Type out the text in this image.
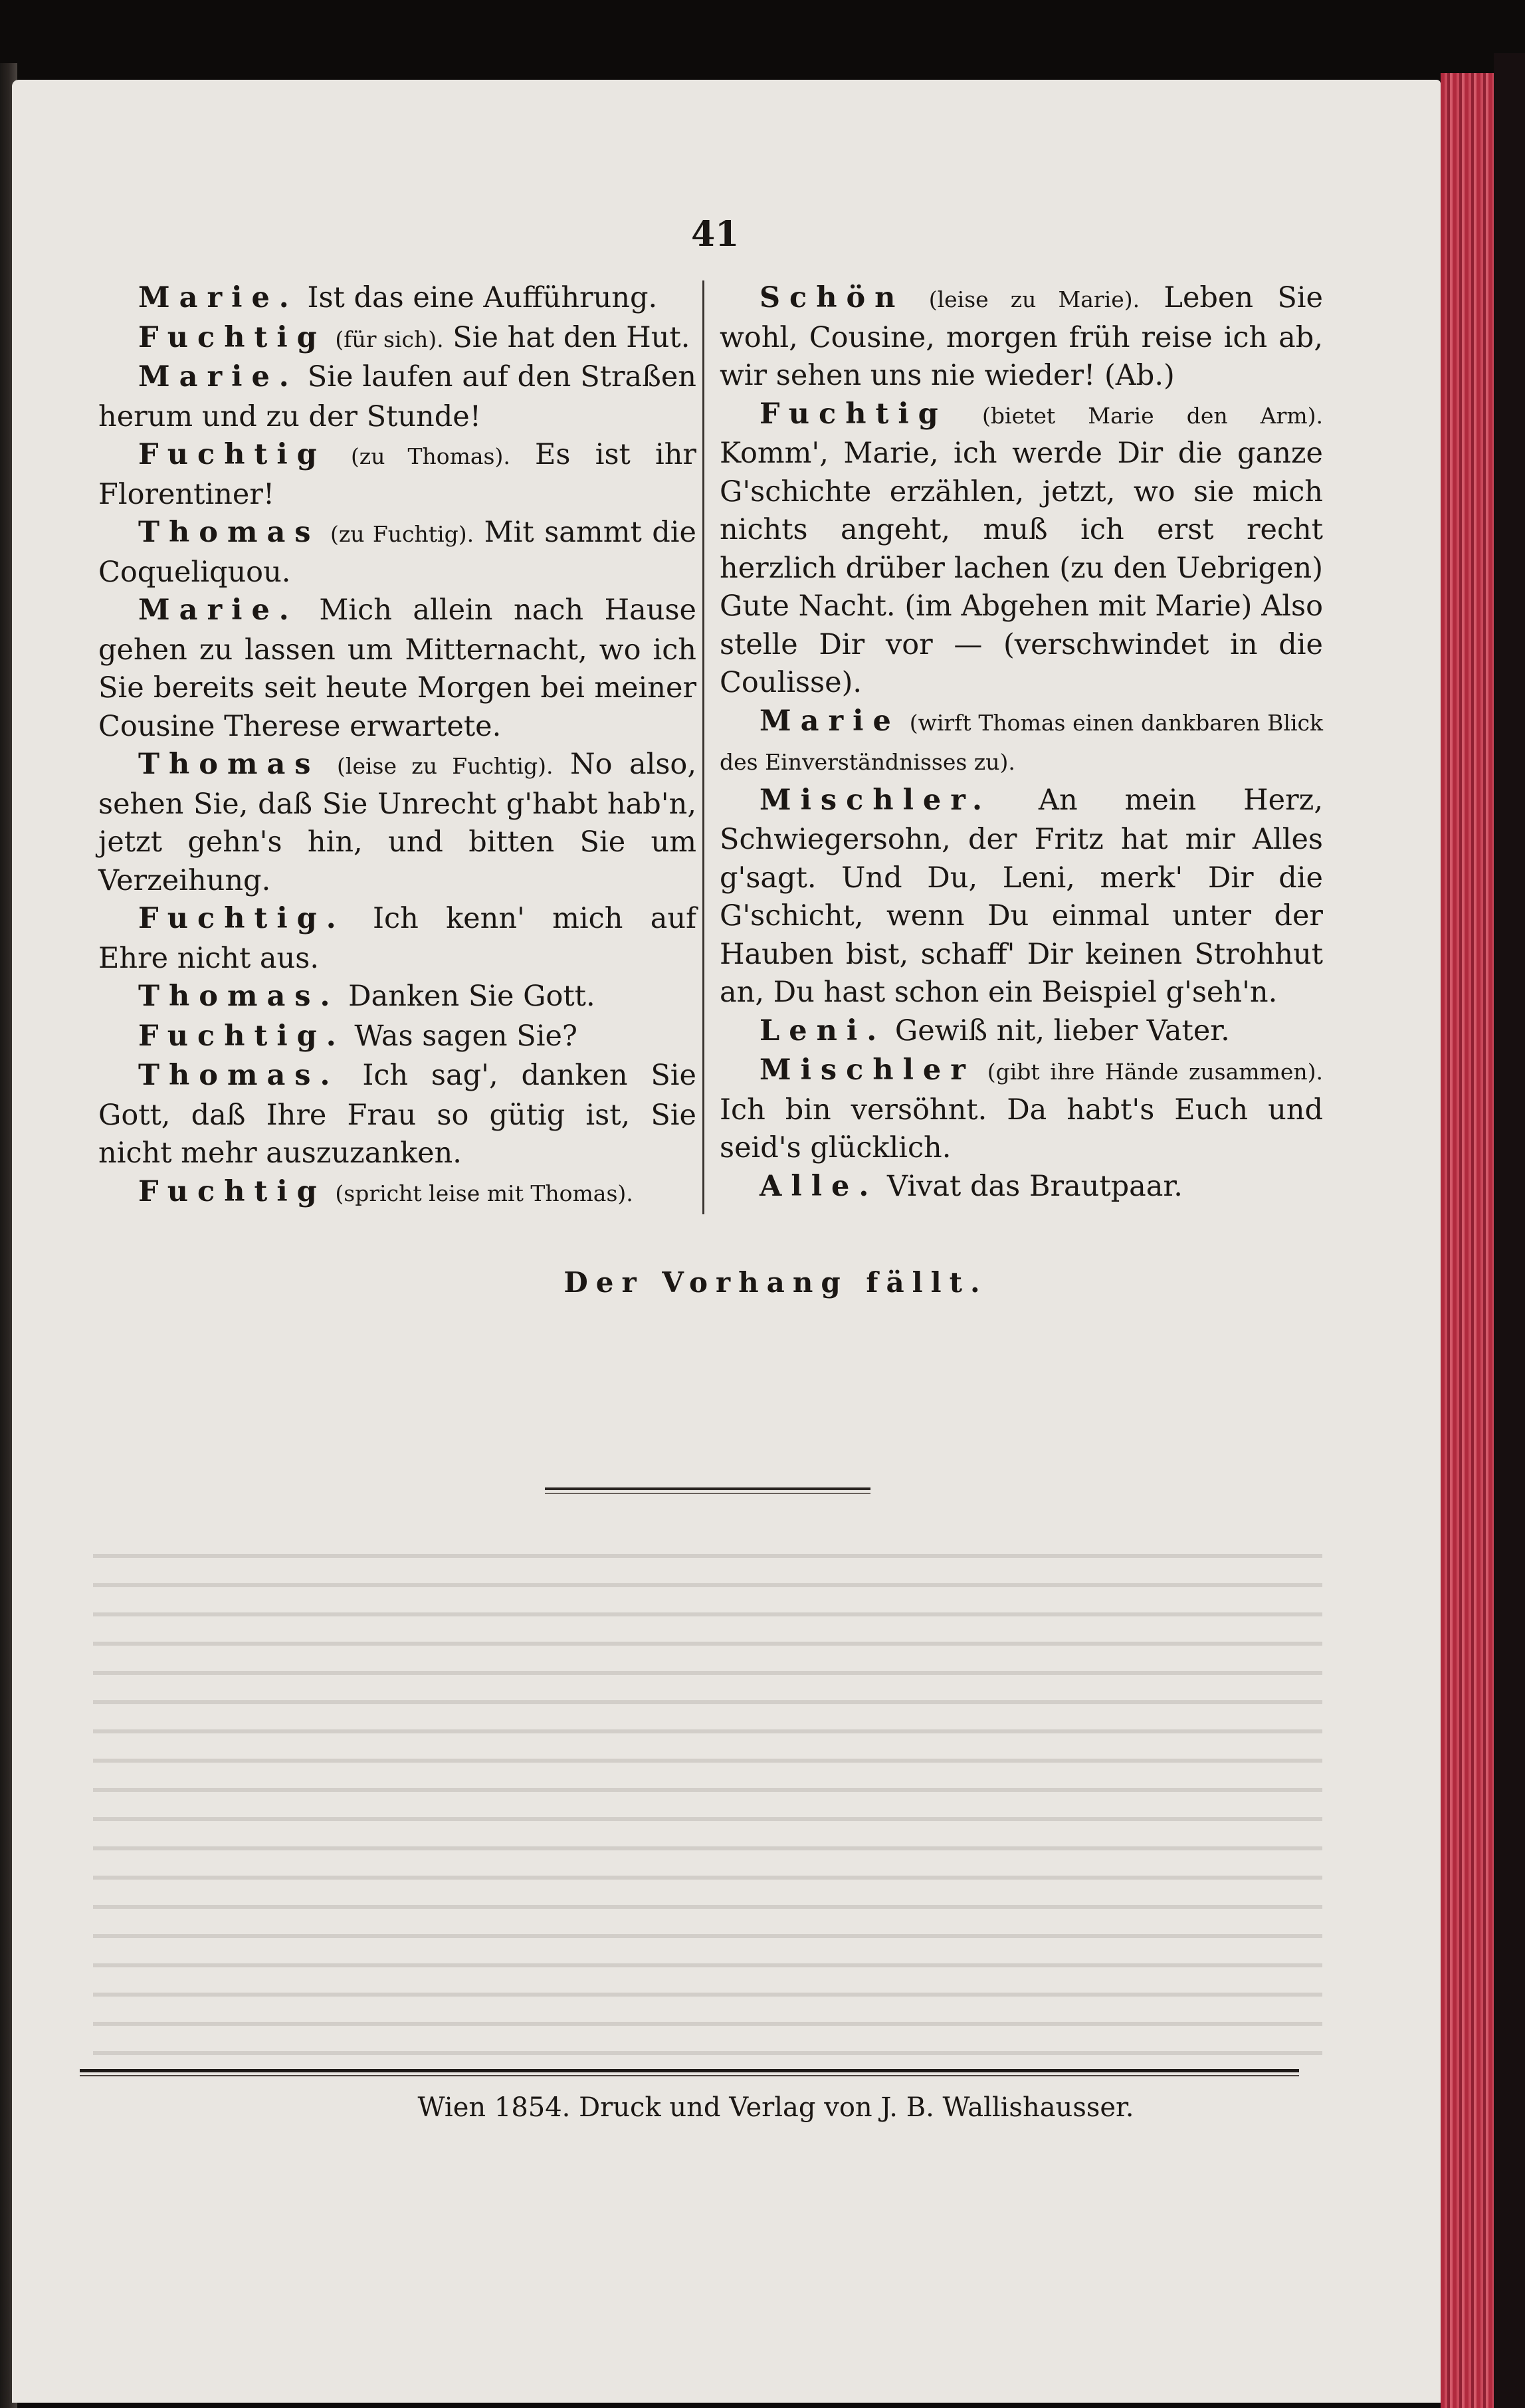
41

Marie. Ist das eine Aufführung.

Fuchtig (für sich). Sie hat den Hut.

Marie. Sie laufen auf den Straßen herum und zu der Stunde!

Fuchtig (zu Thomas). Es ist ihr Florentiner!

Thomas (zu Fuchtig). Mit sammt die Coqueliquou.

Marie. Mich allein nach Hause gehen zu lassen um Mitternacht, wo ich Sie bereits seit heute Morgen bei meiner Cousine Therese erwartete.

Thomas (leise zu Fuchtig). No also, sehen Sie, daß Sie Unrecht g'habt hab'n, jetzt gehn's hin, und bitten Sie um Verzeihung.

Fuchtig. Ich kenn' mich auf Ehre nicht aus.

Thomas. Danken Sie Gott.

Fuchtig. Was sagen Sie?

Thomas. Ich sag', danken Sie Gott, daß Ihre Frau so gütig ist, Sie nicht mehr auszuzanken.

Fuchtig (spricht leise mit Thomas).

Schön (leise zu Marie). Leben Sie wohl, Cousine, morgen früh reise ich ab, wir sehen uns nie wieder! (Ab.)

Fuchtig (bietet Marie den Arm). Komm', Marie, ich werde Dir die ganze G'schichte erzählen, jetzt, wo sie mich nichts angeht, muß ich erst recht herzlich drüber lachen (zu den Uebrigen) Gute Nacht. (im Abgehen mit Marie) Also stelle Dir vor — (verschwindet in die Coulisse).

Marie (wirft Thomas einen dankbaren Blick des Einverständnisses zu).

Mischler. An mein Herz, Schwiegersohn, der Fritz hat mir Alles g'sagt. Und Du, Leni, merk' Dir die G'schicht, wenn Du einmal unter der Hauben bist, schaff' Dir keinen Strohhut an, Du hast schon ein Beispiel g'seh'n.

Leni. Gewiß nit, lieber Vater.

Mischler (gibt ihre Hände zusammen). Ich bin versöhnt. Da habt's Euch und seid's glücklich.

Alle. Vivat das Brautpaar.

Der Vorhang fällt.
Wien 1854. Druck und Verlag von J. B. Wallishausser.
